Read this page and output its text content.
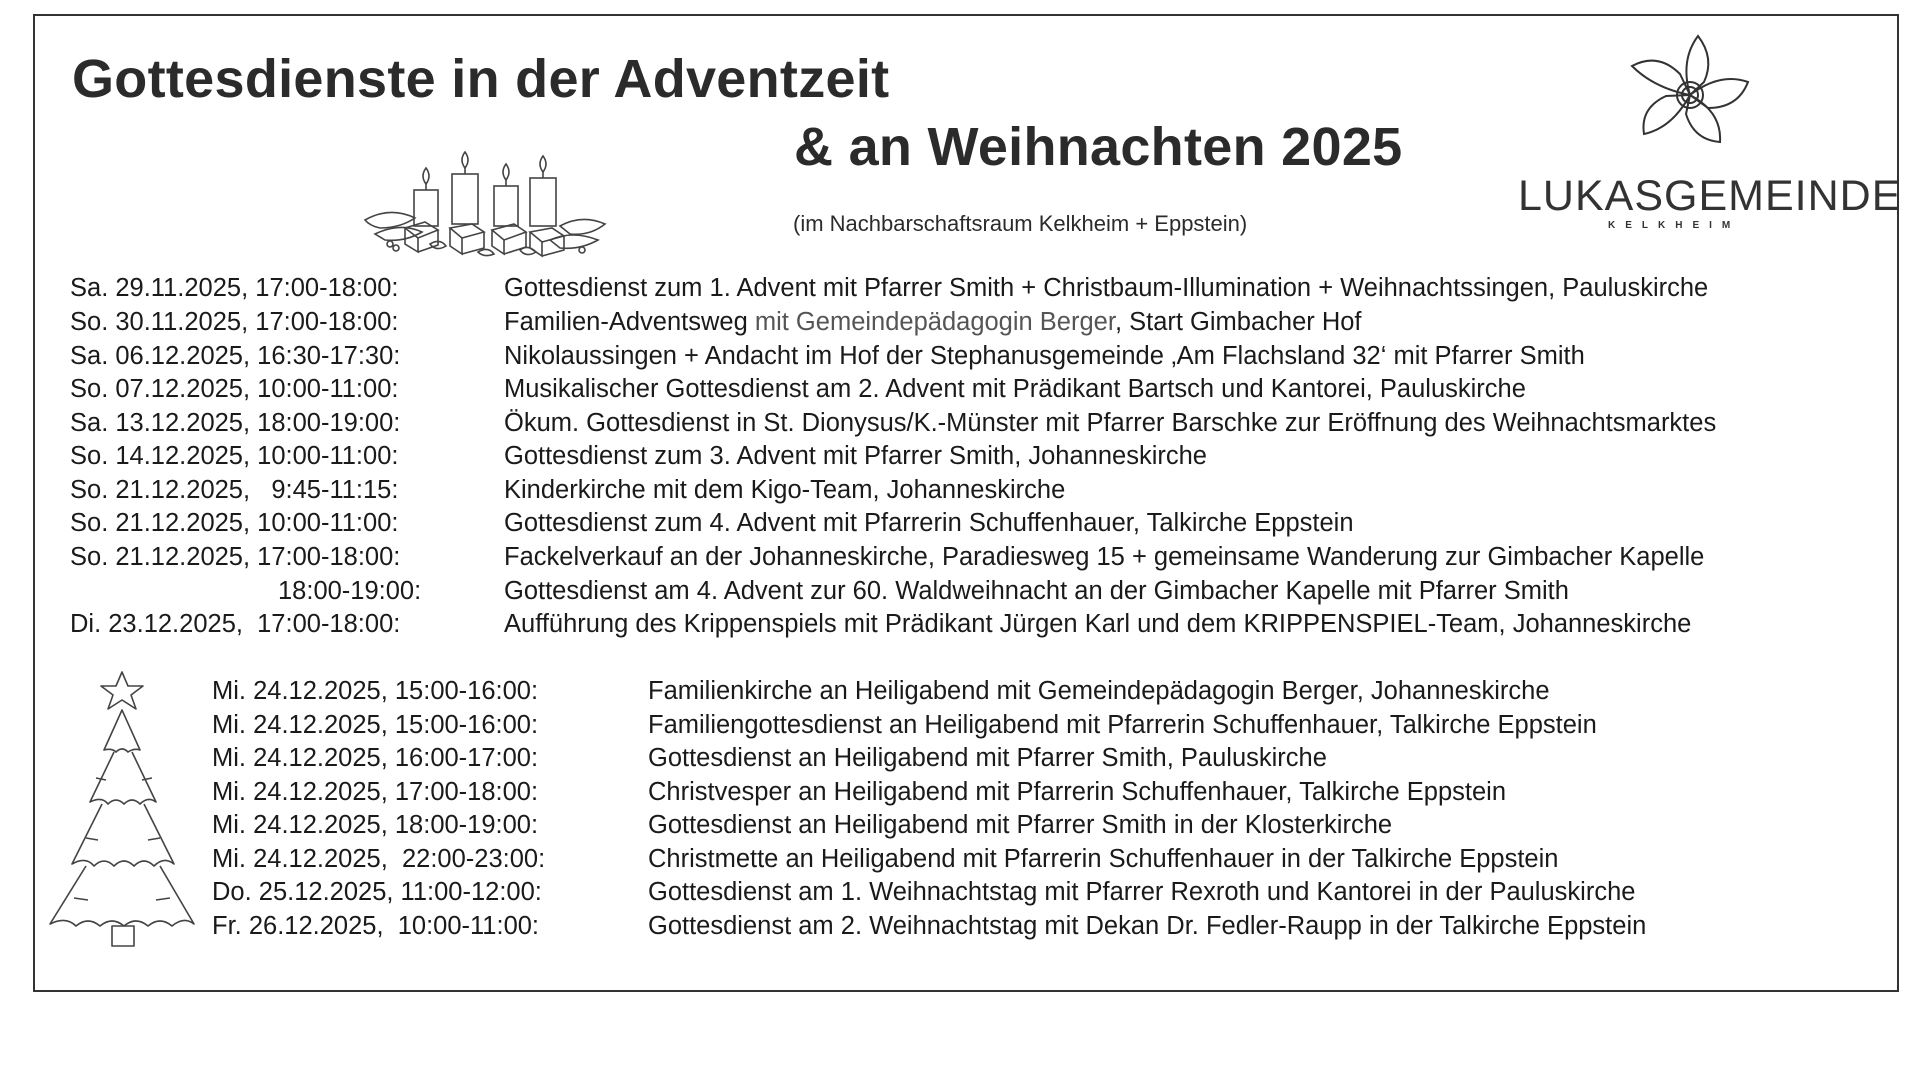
Gottesdienste in der Adventzeit
& an Weihnachten 2025
(im Nachbarschaftsraum Kelkheim + Eppstein)
LUKASGEMEINDE
KELKHEIM
Sa. 29.11.2025, 17:00-18:00:	Gottesdienst zum 1. Advent mit Pfarrer Smith + Christbaum-Illumination + Weihnachtssingen, Pauluskirche
So. 30.11.2025, 17:00-18:00:	Familien-Adventsweg mit Gemeindepädagogin Berger, Start Gimbacher Hof
Sa. 06.12.2025, 16:30-17:30:	Nikolaussingen + Andacht im Hof der Stephanusgemeinde ‚Am Flachsland 32‘ mit Pfarrer Smith
So. 07.12.2025, 10:00-11:00:	Musikalischer Gottesdienst am 2. Advent mit Prädikant Bartsch und Kantorei, Pauluskirche
Sa. 13.12.2025, 18:00-19:00:	Ökum. Gottesdienst in St. Dionysus/K.-Münster mit Pfarrer Barschke zur Eröffnung des Weihnachtsmarktes
So. 14.12.2025, 10:00-11:00:	Gottesdienst zum 3. Advent mit Pfarrer Smith, Johanneskirche
So. 21.12.2025,   9:45-11:15:	Kinderkirche mit dem Kigo-Team, Johanneskirche
So. 21.12.2025, 10:00-11:00:	Gottesdienst zum 4. Advent mit Pfarrerin Schuffenhauer, Talkirche Eppstein
So. 21.12.2025, 17:00-18:00:	Fackelverkauf an der Johanneskirche, Paradiesweg 15 + gemeinsame Wanderung zur Gimbacher Kapelle
18:00-19:00:	Gottesdienst am 4. Advent zur 60. Waldweihnacht an der Gimbacher Kapelle mit Pfarrer Smith
Di. 23.12.2025,  17:00-18:00:	Aufführung des Krippenspiels mit Prädikant Jürgen Karl und dem KRIPPENSPIEL-Team, Johanneskirche
Mi. 24.12.2025, 15:00-16:00:	Familienkirche an Heiligabend mit Gemeindepädagogin Berger, Johanneskirche
Mi. 24.12.2025, 15:00-16:00:	Familiengottesdienst an Heiligabend mit Pfarrerin Schuffenhauer, Talkirche Eppstein
Mi. 24.12.2025, 16:00-17:00:	Gottesdienst an Heiligabend mit Pfarrer Smith, Pauluskirche
Mi. 24.12.2025, 17:00-18:00:	Christvesper an Heiligabend mit Pfarrerin Schuffenhauer, Talkirche Eppstein
Mi. 24.12.2025, 18:00-19:00:	Gottesdienst an Heiligabend mit Pfarrer Smith in der Klosterkirche
Mi. 24.12.2025,  22:00-23:00:	Christmette an Heiligabend mit Pfarrerin Schuffenhauer in der Talkirche Eppstein
Do. 25.12.2025, 11:00-12:00:	Gottesdienst am 1. Weihnachtstag mit Pfarrer Rexroth und Kantorei in der Pauluskirche
Fr. 26.12.2025,  10:00-11:00:	Gottesdienst am 2. Weihnachtstag mit Dekan Dr. Fedler-Raupp in der Talkirche Eppstein
